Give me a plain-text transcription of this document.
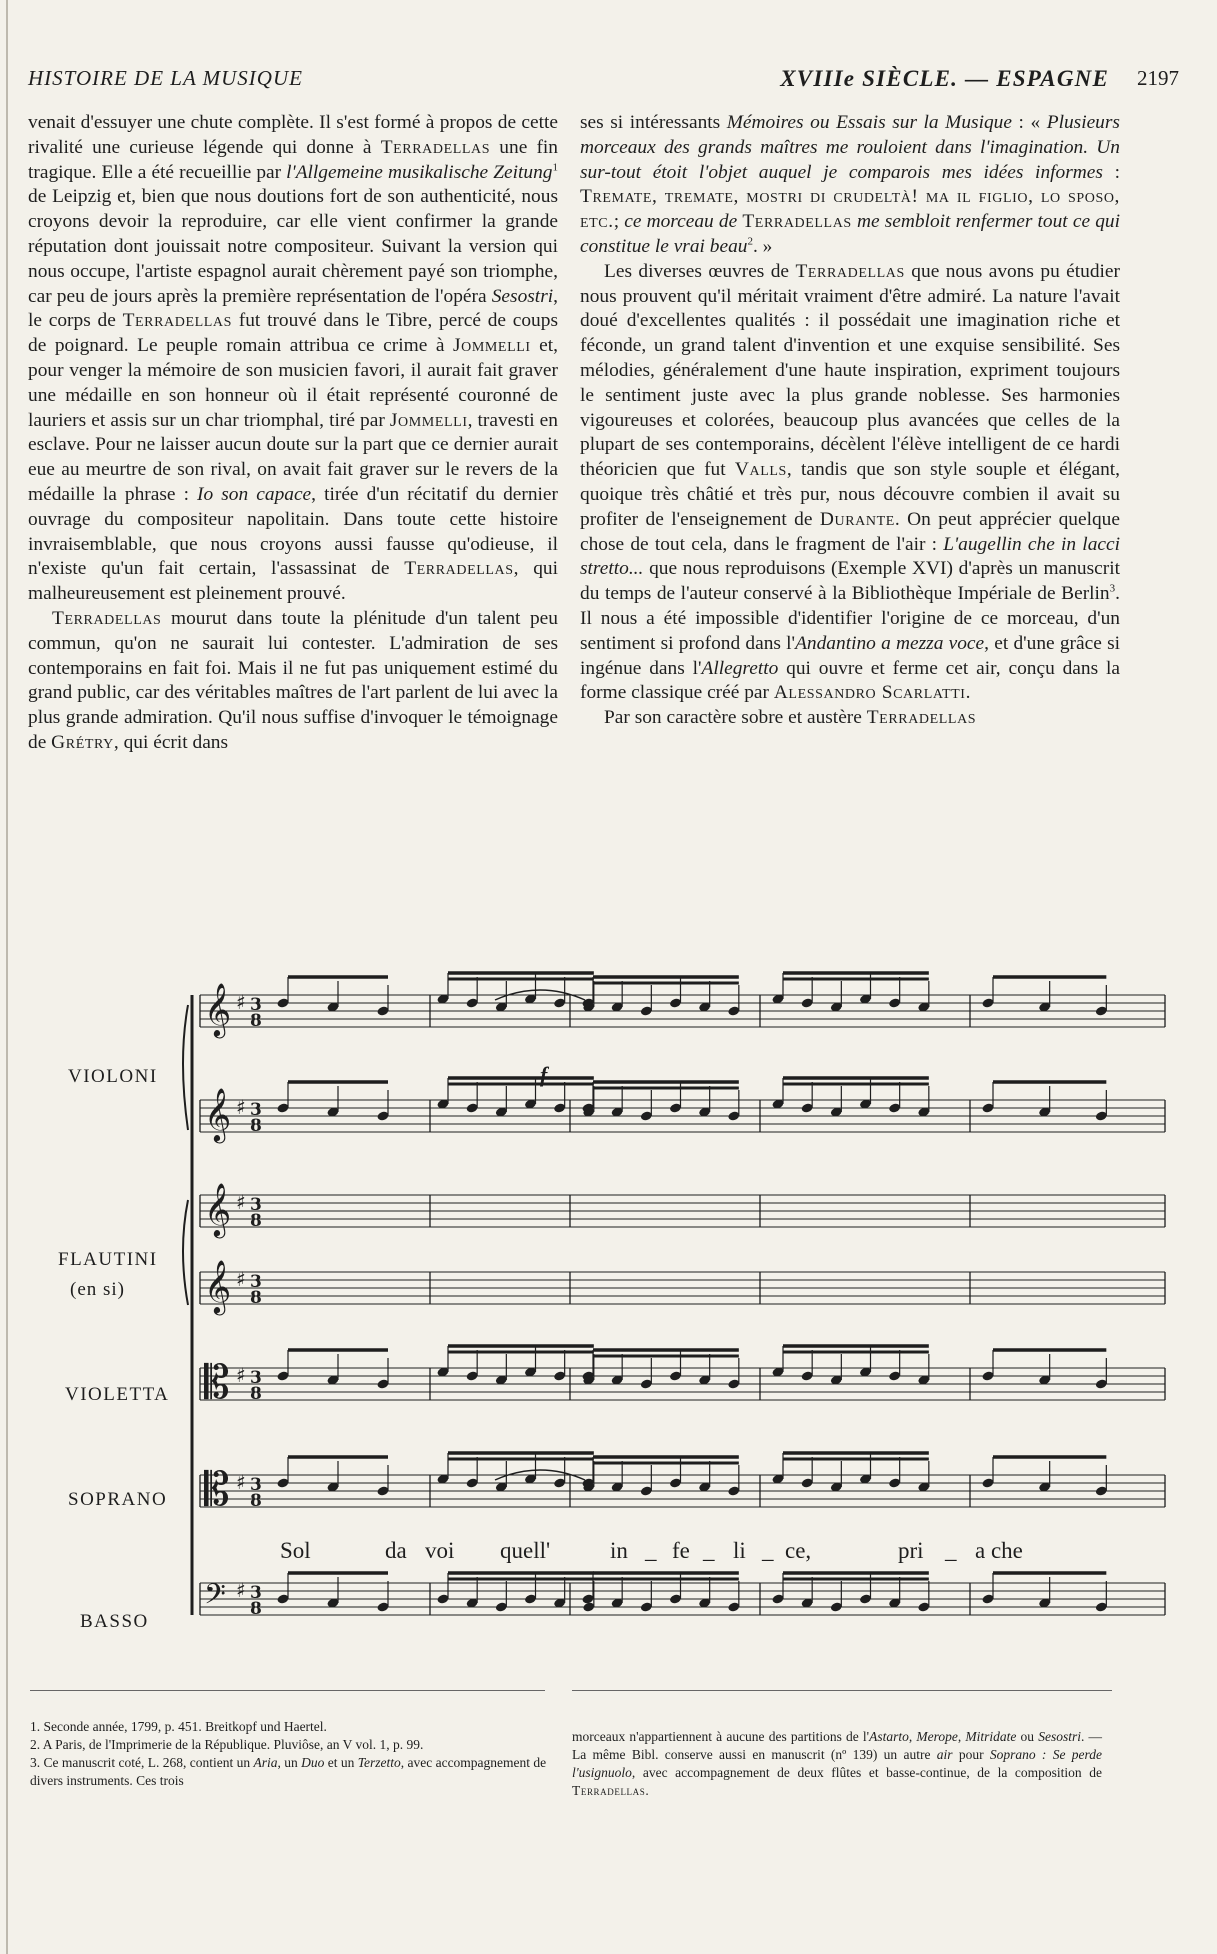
HISTOIRE DE LA MUSIQUE	XVIIIe SIÈCLE. — ESPAGNE 2197

venait d'essuyer une chute complète. Il s'est formé à propos de cette rivalité une curieuse légende qui donne à Terradellas une fin tragique. Elle a été recueillie par l'Allgemeine musikalische Zeitung$^1$ de Leipzig et, bien que nous doutions fort de son authenticité, nous croyons devoir la reproduire, car elle vient confirmer la grande réputation dont jouissait notre compositeur. Suivant la version qui nous occupe, l'artiste espagnol aurait chèrement payé son triomphe, car peu de jours après la première représentation de l'opéra Sesostri, le corps de Terradellas fut trouvé dans le Tibre, percé de coups de poignard. Le peuple romain attribua ce crime à Jommelli et, pour venger la mémoire de son musicien favori, il aurait fait graver une médaille en son honneur où il était représenté couronné de lauriers et assis sur un char triomphal, tiré par Jommelli, travesti en esclave. Pour ne laisser aucun doute sur la part que ce dernier aurait eue au meurtre de son rival, on avait fait graver sur le revers de la médaille la phrase : Io son capace, tirée d'un récitatif du dernier ouvrage du compositeur napolitain. Dans toute cette histoire invraisemblable, que nous croyons aussi fausse qu'odieuse, il n'existe qu'un fait certain, l'assassinat de Terradellas, qui malheureusement est pleinement prouvé.

Terradellas mourut dans toute la plénitude d'un talent peu commun, qu'on ne saurait lui contester. L'admiration de ses contemporains en fait foi. Mais il ne fut pas uniquement estimé du grand public, car des véritables maîtres de l'art parlent de lui avec la plus grande admiration. Qu'il nous suffise d'invoquer le témoignage de Grétry, qui écrit dans

ses si intéressants Mémoires ou Essais sur la Musique : « Plusieurs morceaux des grands maîtres me rouloient dans l'imagination. Un sur-tout étoit l'objet auquel je comparois mes idées informes : Tremate, tremate, mostri di crudeltà! ma il figlio, lo sposo, etc.; ce morceau de Terradellas me sembloit renfermer tout ce qui constitue le vrai beau$^2$. »

Les diverses œuvres de Terradellas que nous avons pu étudier nous prouvent qu'il méritait vraiment d'être admiré. La nature l'avait doué d'excellentes qualités : il possédait une imagination riche et féconde, un grand talent d'invention et une exquise sensibilité. Ses mélodies, généralement d'une haute inspiration, expriment toujours le sentiment juste avec la plus grande noblesse. Ses harmonies vigoureuses et colorées, beaucoup plus avancées que celles de la plupart de ses contemporains, décèlent l'élève intelligent de ce hardi théoricien que fut Valls, tandis que son style souple et élégant, quoique très châtié et très pur, nous découvre combien il avait su profiter de l'enseignement de Durante. On peut apprécier quelque chose de tout cela, dans le fragment de l'air : L'augellin che in lacci stretto... que nous reproduisons (Exemple XVI) d'après un manuscrit du temps de l'auteur conservé à la Bibliothèque Impériale de Berlin$^3$. Il nous a été impossible d'identifier l'origine de ce morceau, d'un sentiment si profond dans l'Andantino a mezza voce, et d'une grâce si ingénue dans l'Allegretto qui ouvre et ferme cet air, conçu dans la forme classique créé par Alessandro Scarlatti.

Par son caractère sobre et austère Terradellas

VIOLONI
FLAUTINI
(en si)
VIOLETTA
SOPRANO
BASSO
f
𝄞 ♯ 3
8
𝄞 ♯ 3
8
𝄞 ♯ 3
8
𝄞 ♯ 3
8
𝄡 ♯ 3
8
𝄡 ♯ 3
8
𝄢 ♯ 3
8
Sol	da voi quell'	in _ fe _ li _ ce,	pri _ a che

1. Seconde année, 1799, p. 451. Breitkopf und Haertel.

2. A Paris, de l'Imprimerie de la République. Pluviôse, an V vol. 1, p. 99.

3. Ce manuscrit coté, L. 268, contient un Aria, un Duo et un Terzetto, avec accompagnement de divers instruments. Ces trois

morceaux n'appartiennent à aucune des partitions de l'Astarto, Merope, Mitridate ou Sesostri. — La même Bibl. conserve aussi en manuscrit (nº 139) un autre air pour Soprano : Se perde l'usignuolo, avec accompagnement de deux flûtes et basse-continue, de la composition de Terradellas.
